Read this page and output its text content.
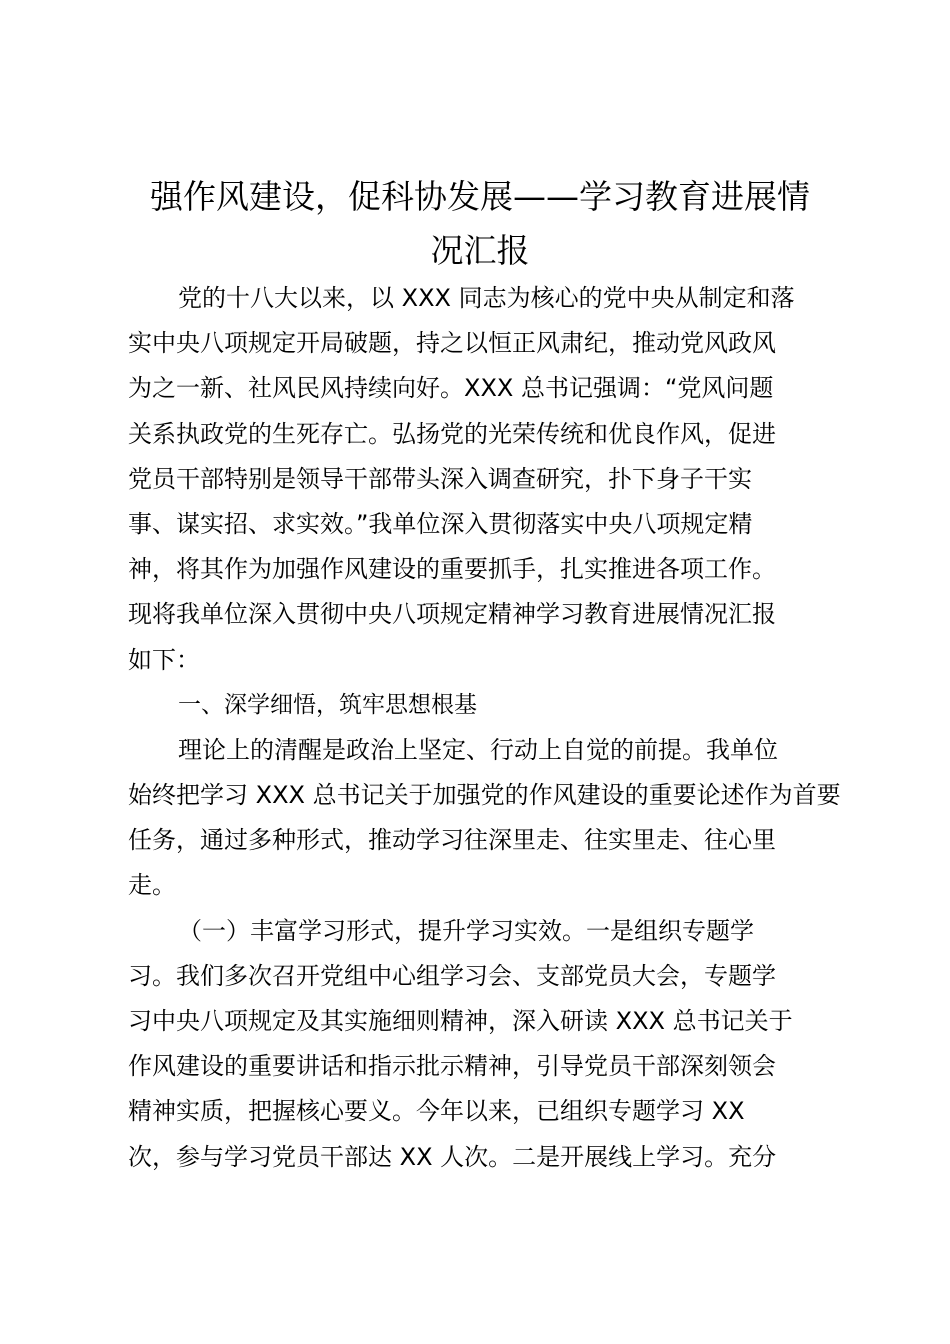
强作风建设，促科协发展——学习教育进展情
况汇报
党的十八大以来，以 XXX 同志为核心的党中央从制定和落
实中央八项规定开局破题，持之以恒正风肃纪，推动党风政风
为之一新、社风民风持续向好。XXX 总书记强调：“党风问题
关系执政党的生死存亡。弘扬党的光荣传统和优良作风，促进
党员干部特别是领导干部带头深入调查研究，扑下身子干实
事、谋实招、求实效。”我单位深入贯彻落实中央八项规定精
神，将其作为加强作风建设的重要抓手，扎实推进各项工作。
现将我单位深入贯彻中央八项规定精神学习教育进展情况汇报
如下：
一、深学细悟，筑牢思想根基
理论上的清醒是政治上坚定、行动上自觉的前提。我单位
始终把学习 XXX 总书记关于加强党的作风建设的重要论述作为首要
任务，通过多种形式，推动学习往深里走、往实里走、往心里
走。
（一）丰富学习形式，提升学习实效。一是组织专题学
习。我们多次召开党组中心组学习会、支部党员大会，专题学
习中央八项规定及其实施细则精神，深入研读 XXX 总书记关于
作风建设的重要讲话和指示批示精神，引导党员干部深刻领会
精神实质，把握核心要义。今年以来，已组织专题学习 XX
次，参与学习党员干部达 XX 人次。二是开展线上学习。充分
